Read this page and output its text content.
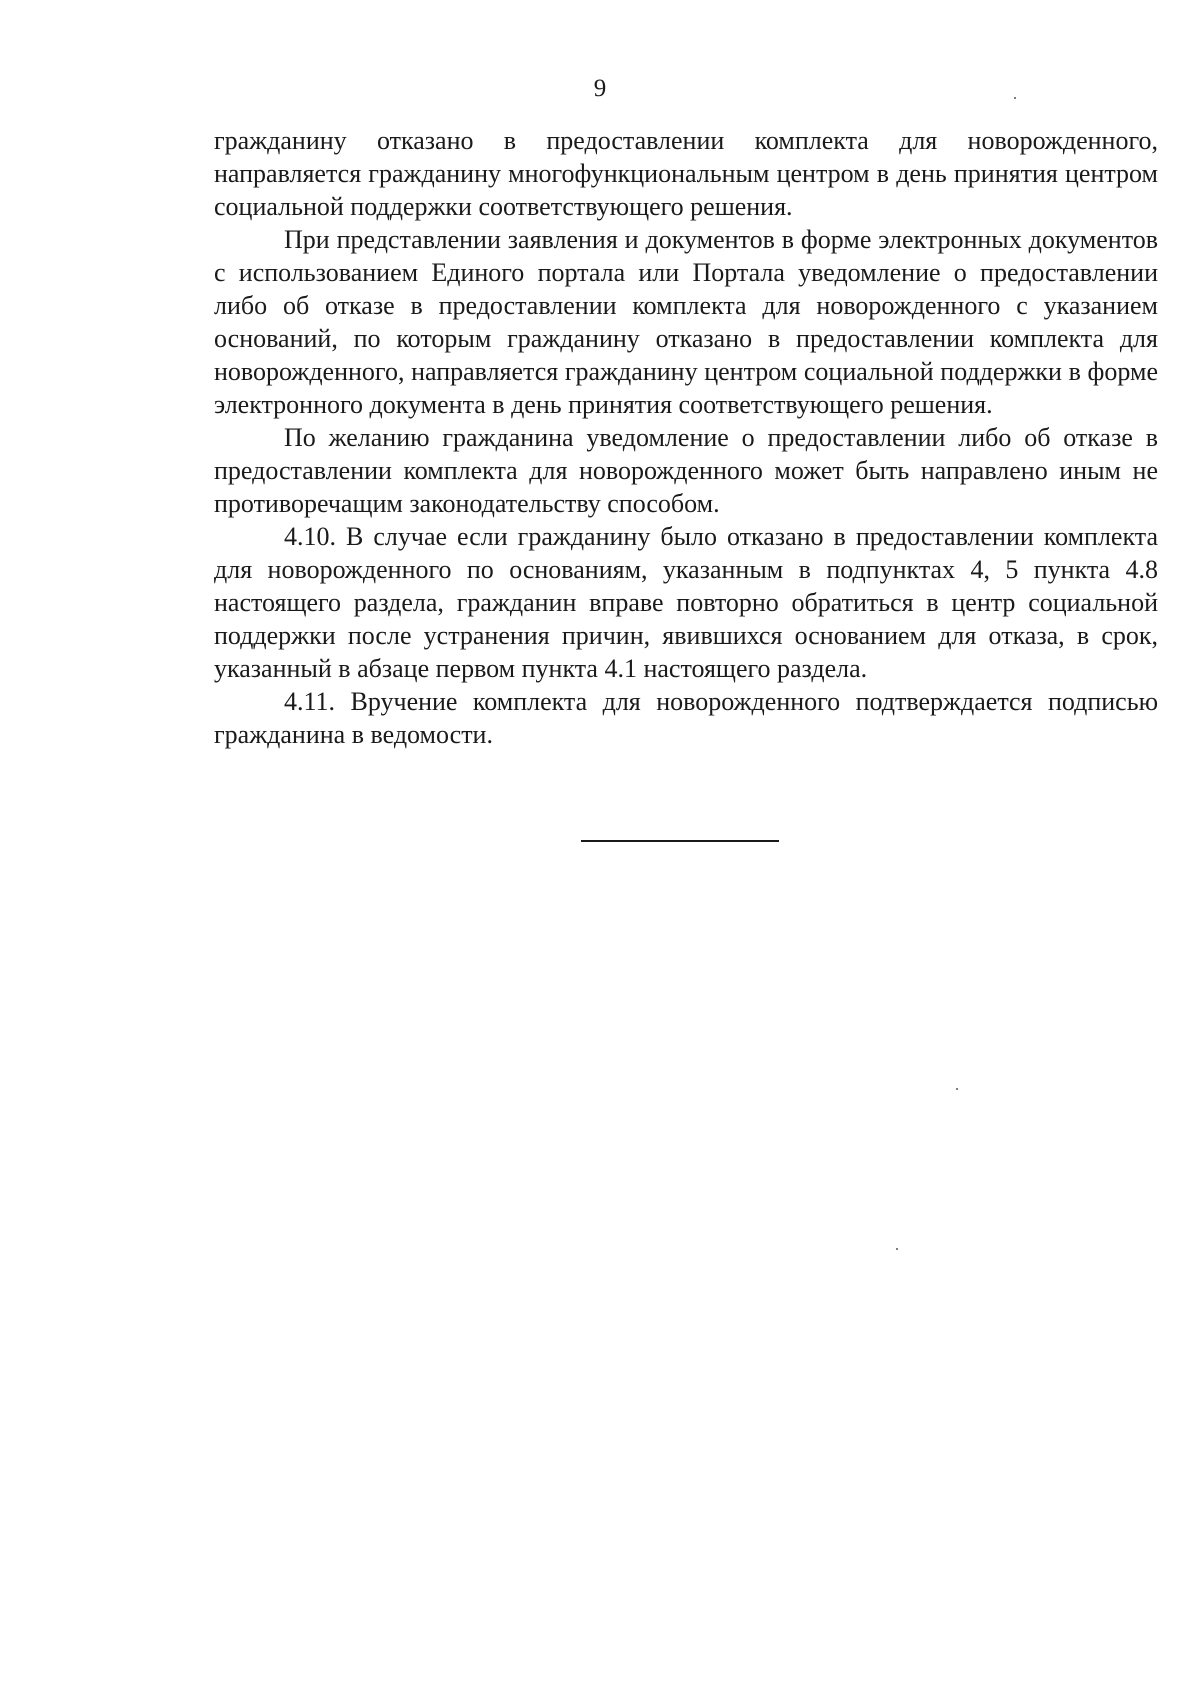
9

гражданину отказано в предоставлении комплекта для новорожденного, направляется гражданину многофункциональным центром в день принятия центром социальной поддержки соответствующего решения.

При представлении заявления и документов в форме электронных документов с использованием Единого портала или Портала уведомление о предоставлении либо об отказе в предоставлении комплекта для новорожденного с указанием оснований, по которым гражданину отказано в предоставлении комплекта для новорожденного, направляется гражданину центром социальной поддержки в форме электронного документа в день принятия соответствующего решения.

По желанию гражданина уведомление о предоставлении либо об отказе в предоставлении комплекта для новорожденного может быть направлено иным не противоречащим законодательству способом.

4.10. В случае если гражданину было отказано в предоставлении комплекта для новорожденного по основаниям, указанным в подпунктах 4, 5 пункта 4.8 настоящего раздела, гражданин вправе повторно обратиться в центр социальной поддержки после устранения причин, явившихся основанием для отказа, в срок, указанный в абзаце первом пункта 4.1 настоящего раздела.

4.11. Вручение комплекта для новорожденного подтверждается подписью гражданина в ведомости.
